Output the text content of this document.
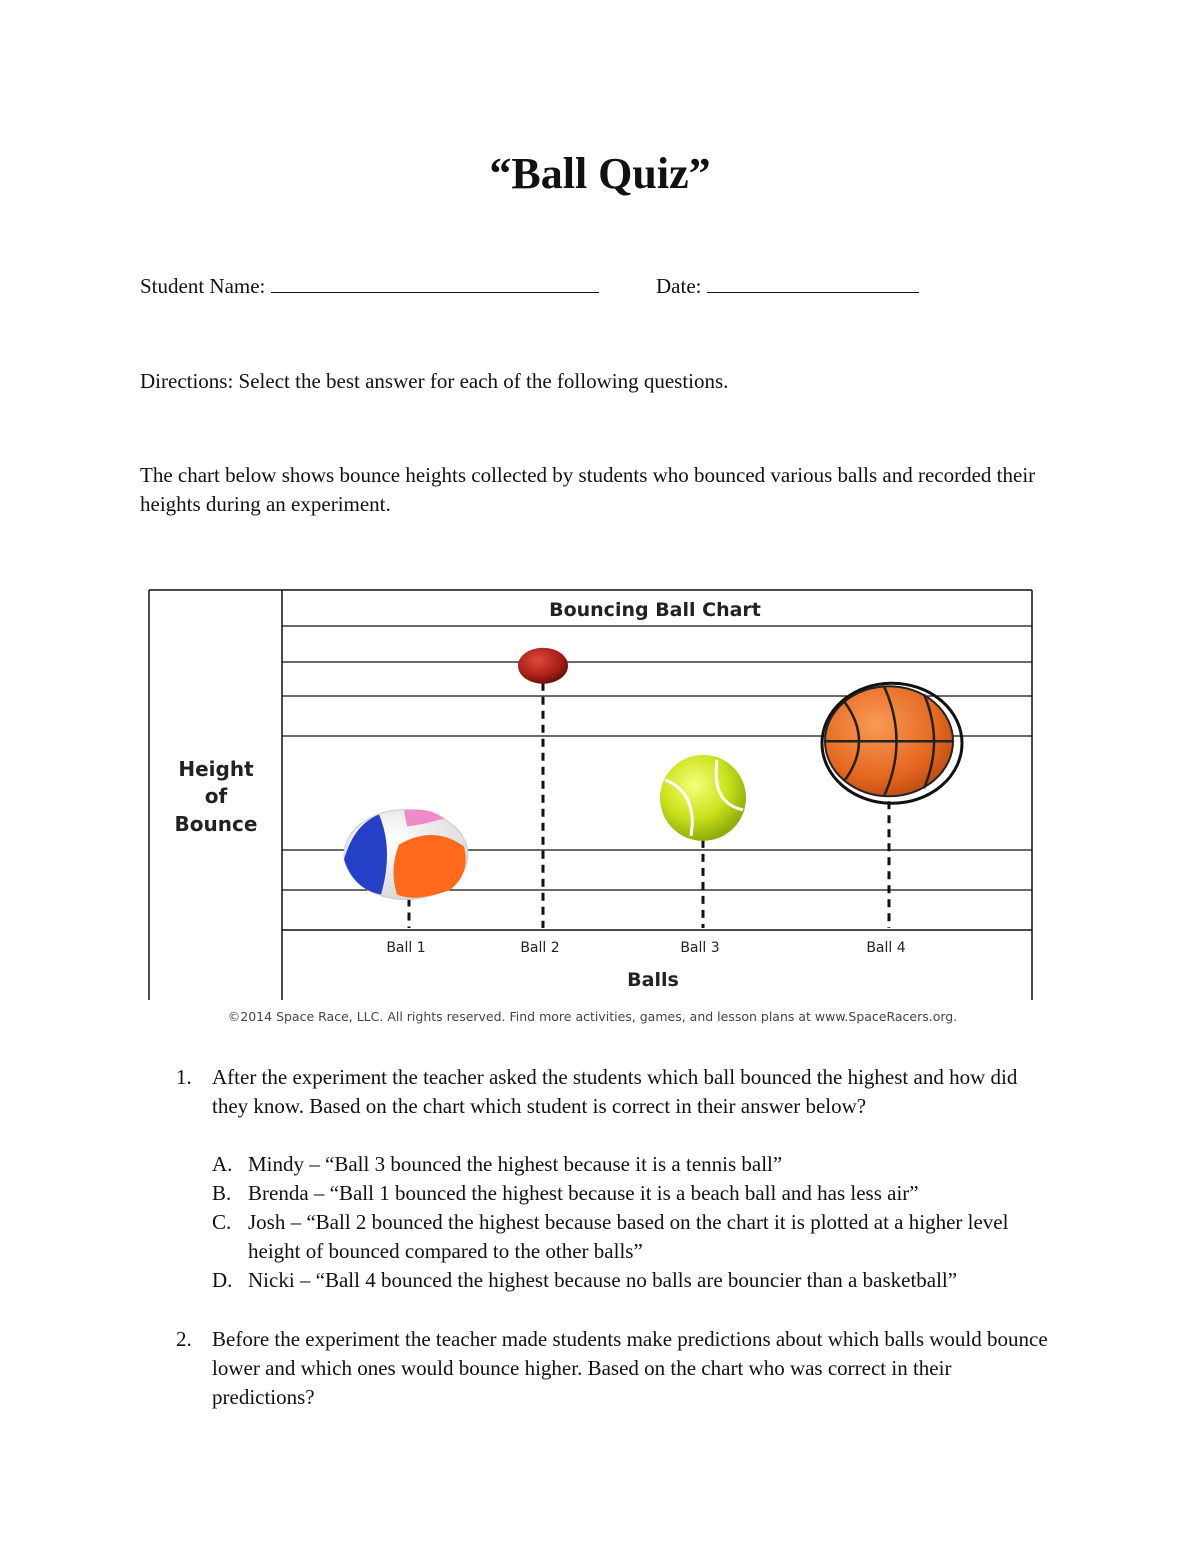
“Ball Quiz”
Student Name:	Date:
Directions: Select the best answer for each of the following questions.
The chart below shows bounce heights collected by students who bounced various balls and recorded their heights during an experiment.
Bouncing Ball Chart
Height
of
Bounce
Ball 1	Ball 2	Ball 3	Ball 4
Balls
©2014 Space Race, LLC. All rights reserved. Find more activities, games, and lesson plans at www.SpaceRacers.org.
1. After the experiment the teacher asked the students which ball bounced the highest and how did they know. Based on the chart which student is correct in their answer below?
A. Mindy – “Ball 3 bounced the highest because it is a tennis ball”
B. Brenda – “Ball 1 bounced the highest because it is a beach ball and has less air”
C. Josh – “Ball 2 bounced the highest because based on the chart it is plotted at a higher level height of bounced compared to the other balls”
D. Nicki – “Ball 4 bounced the highest because no balls are bouncier than a basketball”
2. Before the experiment the teacher made students make predictions about which balls would bounce lower and which ones would bounce higher. Based on the chart who was correct in their predictions?
